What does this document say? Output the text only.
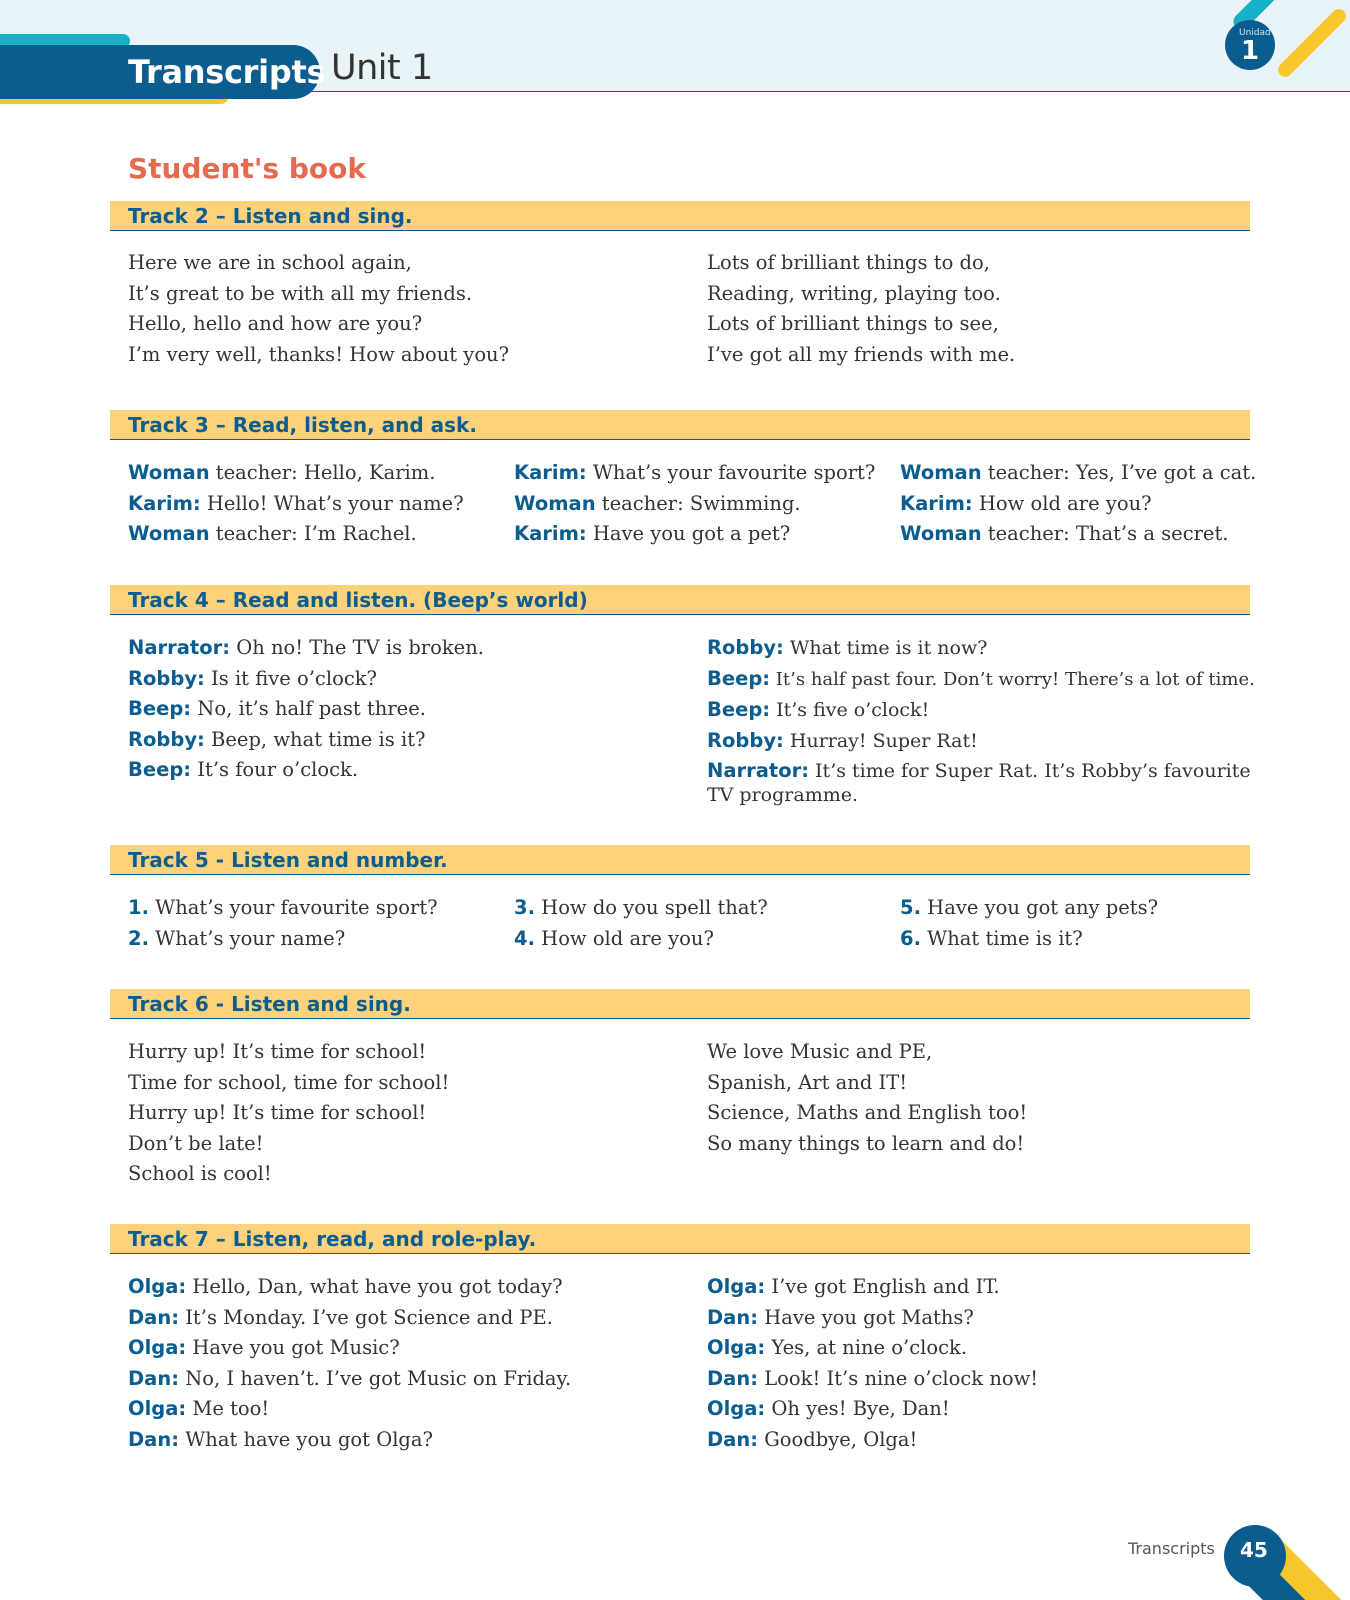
Transcripts Unit 1
Unidad
1
Student's book
Track 2 – Listen and sing.
Here we are in school again,
It’s great to be with all my friends.
Hello, hello and how are you?
I’m very well, thanks! How about you?
Lots of brilliant things to do,
Reading, writing, playing too.
Lots of brilliant things to see,
I’ve got all my friends with me.
Track 3 – Read, listen, and ask.
Woman teacher: Hello, Karim.
Karim: Hello! What’s your name?
Woman teacher: I’m Rachel.
Karim: What’s your favourite sport?
Woman teacher: Swimming.
Karim: Have you got a pet?
Woman teacher: Yes, I’ve got a cat.
Karim: How old are you?
Woman teacher: That’s a secret.
Track 4 – Read and listen. (Beep’s world)
Narrator: Oh no! The TV is broken.
Robby: Is it five o’clock?
Beep: No, it’s half past three.
Robby: Beep, what time is it?
Beep: It’s four o’clock.
Robby: What time is it now?
Beep: It’s half past four. Don’t worry! There’s a lot of time.
Beep: It’s five o’clock!
Robby: Hurray! Super Rat!
Narrator: It’s time for Super Rat. It’s Robby’s favourite TV programme.
Track 5 - Listen and number.
1. What’s your favourite sport?
2. What’s your name?
3. How do you spell that?
4. How old are you?
5. Have you got any pets?
6. What time is it?
Track 6 - Listen and sing.
Hurry up! It’s time for school!
Time for school, time for school!
Hurry up! It’s time for school!
Don’t be late!
School is cool!
We love Music and PE,
Spanish, Art and IT!
Science, Maths and English too!
So many things to learn and do!
Track 7 – Listen, read, and role-play.
Olga: Hello, Dan, what have you got today?
Dan: It’s Monday. I’ve got Science and PE.
Olga: Have you got Music?
Dan: No, I haven’t. I’ve got Music on Friday.
Olga: Me too!
Dan: What have you got Olga?
Olga: I’ve got English and IT.
Dan: Have you got Maths?
Olga: Yes, at nine o’clock.
Dan: Look! It’s nine o’clock now!
Olga: Oh yes! Bye, Dan!
Dan: Goodbye, Olga!
Transcripts 45
